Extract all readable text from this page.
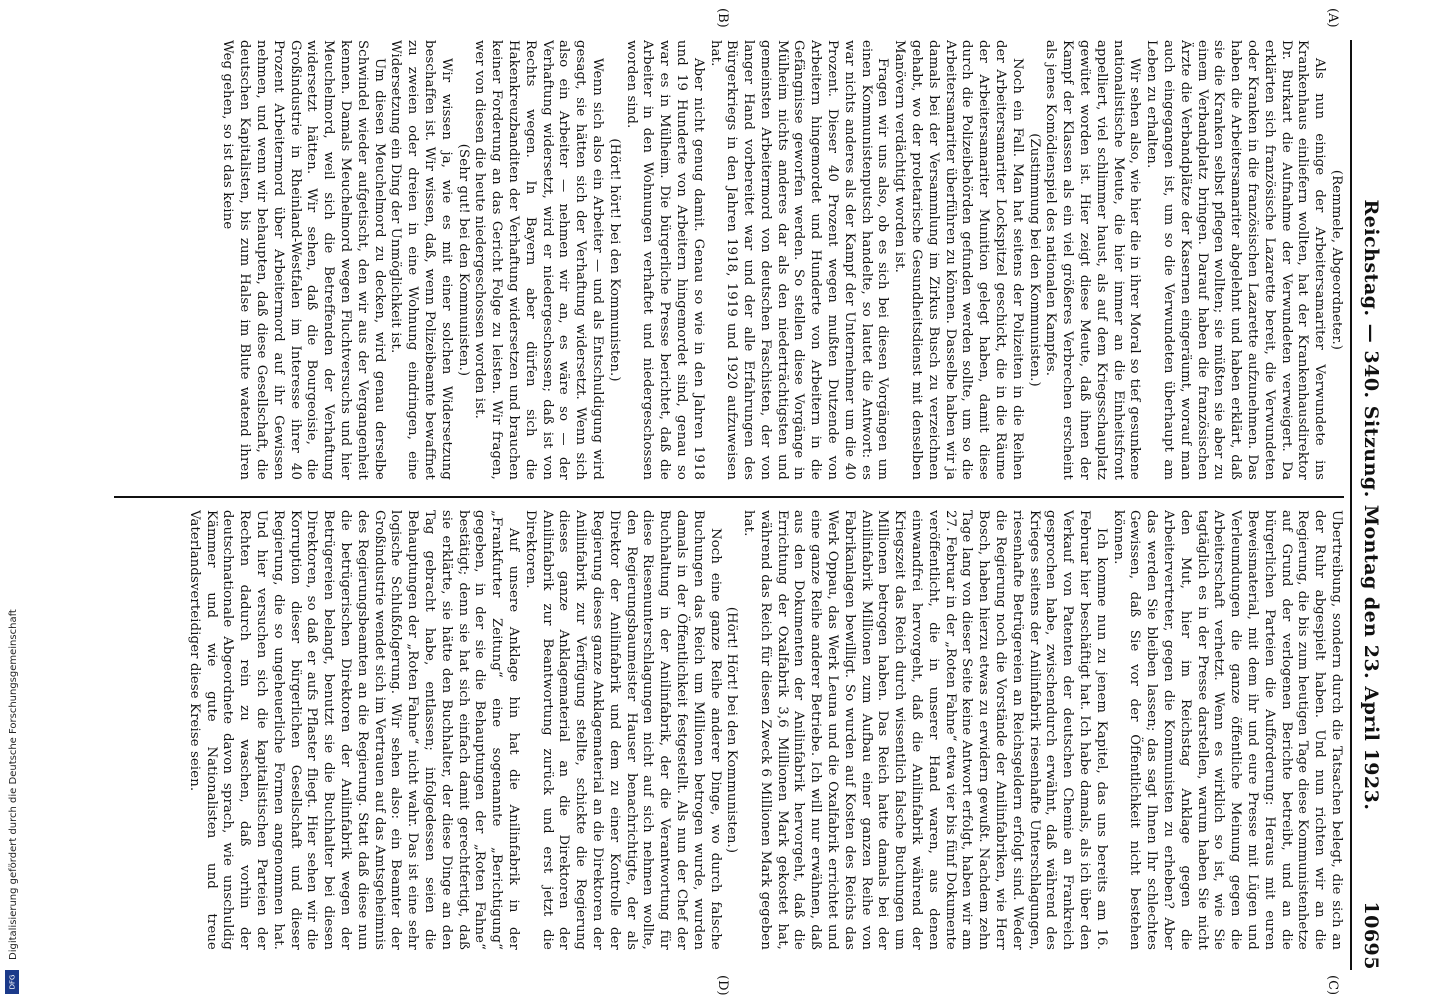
Reichstag. — 340. Sitzung. Montag den 23. April 1923.
10695

(Remmele, Abgeordneter.)

Als nun einige der Arbeitersamariter Verwundete ins Krankenhaus einliefern wollten, hat der Krankenhausdirektor Dr. Burkart die Aufnahme der Verwundeten verweigert. Da erklärten sich französische Lazarette bereit, die Verwundeten oder Kranken in die französischen Lazarette aufzunehmen. Das haben die Arbeitersamariter abgelehnt und haben erklärt, daß sie die Kranken selbst pflegen wollten; sie müßten sie aber zu einem Verbandplatz bringen. Darauf haben die französischen Ärzte die Verbandplätze der Kasernen eingeräumt, worauf man auch eingegangen ist, um so die Verwundeten überhaupt am Leben zu erhalten.

Wir sehen also, wie hier die in ihrer Moral so tief gesunkene nationalistische Meute, die hier immer an die Einheitsfront appelliert, viel schlimmer haust, als auf dem Kriegsschauplatz gewütet worden ist. Hier zeigt diese Meute, daß ihnen der Kampf der Klassen als ein viel größeres Verbrechen erscheint als jenes Komödienspiel des nationalen Kampfes.

(Zustimmung bei den Kommunisten.)

Noch ein Fall. Man hat seitens der Polizeiten in die Reihen der Arbeitersamariter Lockspitzel geschickt, die in die Räume der Arbeitersamariter Munition gelegt haben, damit diese durch die Polizeibehörden gefunden werden sollte, um so die Arbeitersamariter überführen zu können. Dasselbe haben wir ja damals bei der Versammlung im Zirkus Busch zu verzeichnen gehabt, wo der proletarische Gesundheitsdienst mit denselben Manövern verdächtigt worden ist.

Fragen wir uns also, ob es sich bei diesen Vorgängen um einen Kommunistenputsch handelte, so lautet die Antwort: es war nichts anderes als der Kampf der Unternehmer um die 40 Prozent. Dieser 40 Prozent wegen mußten Dutzende von Arbeitern hingemordet und Hunderte von Arbeitern in die Gefängnisse geworfen werden. So stellen diese Vorgänge in Mülheim nichts anderes dar als den niederträchtigsten und gemeinsten Arbeitermord von deutschen Faschisten, der von langer Hand vorbereitet war und der alle Erfahrungen des Bürgerkriegs in den Jahren 1918, 1919 und 1920 aufzuweisen hat.

Aber nicht genug damit. Genau so wie in den Jahren 1918 und 19 Hunderte von Arbeitern hingemordet sind, genau so war es in Mülheim. Die bürgerliche Presse berichtet, daß die Arbeiter in den Wohnungen verhaftet und niedergeschossen worden sind.

(Hört! hört! bei den Kommunisten.)

Wenn sich also ein Arbeiter — und als Entschuldigung wird gesagt, sie hätten sich der Verhaftung widersetzt. Wenn sich also ein Arbeiter — nehmen wir an, es wäre so — der Verhaftung widersetzt, wird er niedergeschossen; daß ist von Rechts wegen. In Bayern aber dürfen sich die Hakenkreuzbanditen der Verhaftung widersetzen und brauchen keiner Forderung an das Gericht Folge zu leisten. Wir fragen, wer von diesen die heute niedergeschossen worden ist.

(Sehr gut! bei den Kommunisten.)

Wir wissen ja, wie es mit einer solchen Widersetzung beschaffen ist. Wir wissen, daß, wenn Polizeibeamte bewaffnet zu zweien oder dreien in eine Wohnung eindringen, eine Widersetzung ein Ding der Unmöglichkeit ist.

Um diesen Meuchelmord zu decken, wird genau derselbe Schwindel wieder aufgetischt, den wir aus der Vergangenheit kennen. Damals Meuchelmord wegen Fluchtversuchs und hier Meuchelmord, weil sich die Betreffenden der Verhaftung widersetzt hätten. Wir sehen, daß die Bourgeoisie, die Großindustrie in Rheinland-Westfalen im Interesse ihrer 40 Prozent Arbeitermord über Arbeitermord auf ihr Gewissen nehmen, und wenn wir behaupten, daß diese Gesellschaft, die deutschen Kapitalisten, bis zum Halse im Blute watend ihren Weg gehen, so ist das keine

Übertreibung, sondern durch die Tatsachen belegt, die sich an der Ruhr abgespielt haben. Und nun richten wir an die Regierung, die bis zum heutigen Tage diese Kommunistenhetze auf Grund der verlogenen Berichte betreibt, und an die bürgerlichen Parteien die Aufforderung: Heraus mit euren Beweismaterial, mit dem ihr und eure Presse mit Lügen und Verleumdungen die ganze öffentliche Meinung gegen die Arbeiterschaft verhetzt. Wenn es wirklich so ist, wie Sie tagtäglich es in der Presse darstellen, warum haben Sie nicht den Mut, hier im Reichstag Anklage gegen die Arbeitervertreter, gegen die Kommunisten zu erheben? Aber das werden Sie bleiben lassen; das sagt Ihnen Ihr schlechtes Gewissen, daß Sie vor der Öffentlichkeit nicht bestehen können.

Ich komme nun zu jenem Kapitel, das uns bereits am 16. Februar hier beschäftigt hat. Ich habe damals, als ich über den Verkauf von Patenten der deutschen Chemie an Frankreich gesprochen habe, zwischendurch erwähnt, daß während des Krieges seitens der Anilinfabrik riesenhafte Unterschlagungen, riesenhafte Betrügereien an Reichsgeldern erfolgt sind. Weder die Regierung noch die Vorstände der Anilinfabriken, wie Herr Bosch, haben hierzu etwas zu erwidern gewußt. Nachdem zehn Tage lang von dieser Seite keine Antwort erfolgt, haben wir am 27. Februar in der „Roten Fahne“ etwa vier bis fünf Dokumente veröffentlicht, die in unserer Hand waren, aus denen einwandfrei hervorgeht, daß die Anilinfabrik während der Kriegszeit das Reich durch wissentlich falsche Buchungen um Millionen betrogen haben. Das Reich hatte damals bei der Anilinfabrik Millionen zum Aufbau einer ganzen Reihe von Fabrikanlagen bewilligt. So wurden auf Kosten des Reichs das Werk Oppau, das Werk Leuna und die Oxalfabrik errichtet und eine ganze Reihe anderer Betriebe. Ich will nur erwähnen, daß aus den Dokumenten der Anilinfabrik hervorgeht, daß die Errichtung der Oxalfabrik 3,6 Millionen Mark gekostet hat, während das Reich für diesen Zweck 6 Millionen Mark gegeben hat.

(Hört! Hört! bei den Kommunisten.)

Noch eine ganze Reihe anderer Dinge, wo durch falsche Buchungen das Reich um Millionen betrogen wurde, wurden damals in der Öffentlichkeit festgestellt. Als nun der Chef der Buchhaltung in der Anilinfabrik, der die Verantwortung für diese Riesenunterschlagungen nicht auf sich nehmen wollte, den Regierungsbaumeister Hauser benachrichtigte, der als Direktor der Anilinfabrik und dem zu einer Kontrolle der Regierung dieses ganze Anklagematerial an die Direktoren der Anilinfabrik zur Verfügung stellte, schickte die Regierung dieses ganze Anklagematerial an die Direktoren der Anilinfabrik zur Beantwortung zurück und erst jetzt die Direktoren.

Auf unsere Anklage hin hat die Anilinfabrik in der „Frankfurter Zeitung“ eine sogenannte „Berichtigung“ gegeben, in der sie die Behauptungen der „Roten Fahne“ bestätigt; denn sie hat sich einfach damit gerechtfertigt, daß sie erklärte, sie hätte den Buchhalter, der diese Dinge an den Tag gebracht habe, entlassen; infolgedessen seien die Behauptungen der „Roten Fahne“ nicht wahr. Das ist eine sehr logische Schlußfolgerung. Wir sehen also: ein Beamter der Großindustrie wendet sich im Vertrauen auf das Amtsgeheimnis des Regierungsbeamten an die Regierung. Statt daß diese nun die betrügerischen Direktoren der Anilinfabrik wegen der Betrügereien belangt, benutzt sie die Buchhalter bei diesen Direktoren, so daß er aufs Pflaster fliegt. Hier sehen wir die Korruption dieser bürgerlichen Gesellschaft und dieser Regierung, die so ungeheuerliche Formen angenommen hat. Und hier versuchen sich die kapitalistischen Parteien der Rechten dadurch rein zu waschen, daß vorhin der deutschnationale Abgeordnete davon sprach, wie unschuldig Kämmer und wie gute Nationalisten und treue Vaterlandsverteidiger diese Kreise seien.

(A)
(B)
(C)
(D)
Digitalisierung gefördert durch die Deutsche Forschungsgemeinschaft
DFG
